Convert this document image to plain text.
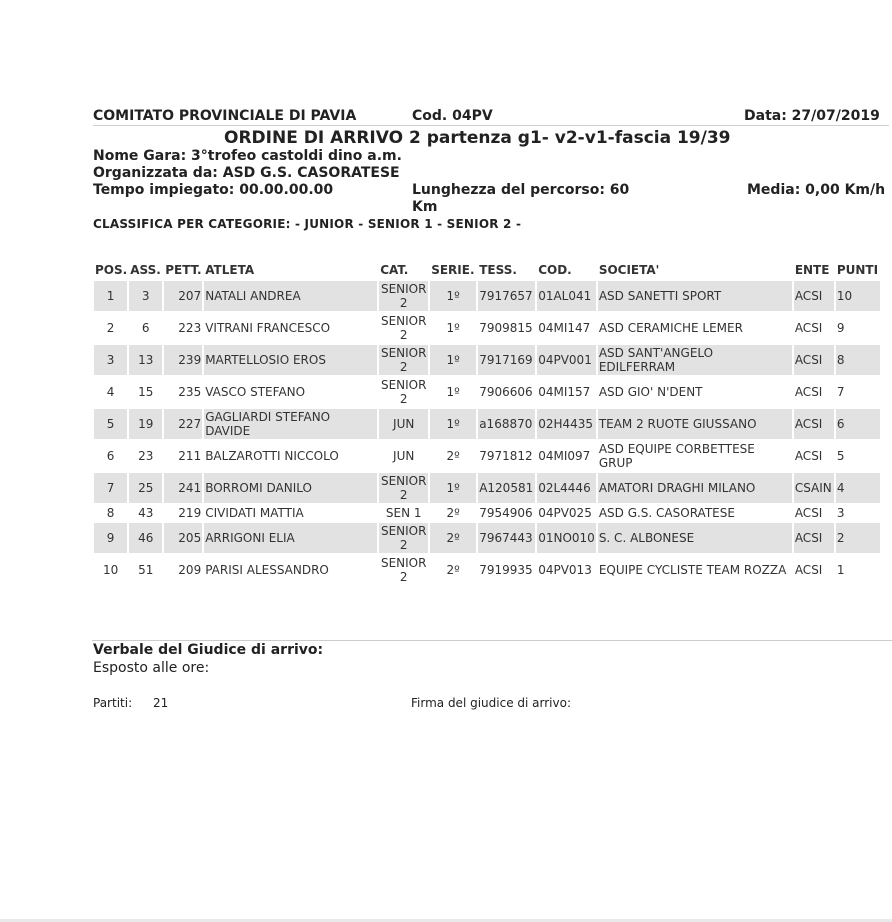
COMITATO PROVINCIALE DI PAVIA	Cod. 04PV	Data: 27/07/2019
ORDINE DI ARRIVO 2 partenza g1- v2-v1-fascia 19/39
Nome Gara: 3°trofeo castoldi dino a.m.
Organizzata da: ASD G.S. CASORATESE
Tempo impiegato: 00.00.00.00	Lunghezza del percorso: 60
Km
Media: 0,00 Km/h
CLASSIFICA PER CATEGORIE: - JUNIOR - SENIOR 1 - SENIOR 2 -
POS.	ASS.	PETT.	ATLETA	CAT.	SERIE.	TESS.	COD.	SOCIETA'	ENTE	PUNTI
1	3	207	NATALI ANDREA	SENIOR 2	1º	7917657	01AL041	ASD SANETTI SPORT	ACSI	10
2	6	223	VITRANI FRANCESCO	SENIOR 2	1º	7909815	04MI147	ASD CERAMICHE LEMER	ACSI	9
3	13	239	MARTELLOSIO EROS	SENIOR 2	1º	7917169	04PV001	ASD SANT'ANGELO EDILFERRAM	ACSI	8
4	15	235	VASCO STEFANO	SENIOR 2	1º	7906606	04MI157	ASD GIO' N'DENT	ACSI	7
5	19	227	GAGLIARDI STEFANO DAVIDE	JUN	1º	a168870	02H4435	TEAM 2 RUOTE GIUSSANO	ACSI	6
6	23	211	BALZAROTTI NICCOLO	JUN	2º	7971812	04MI097	ASD EQUIPE CORBETTESE GRUP	ACSI	5
7	25	241	BORROMI DANILO	SENIOR 2	1º	A120581	02L4446	AMATORI DRAGHI MILANO	CSAIN	4
8	43	219	CIVIDATI MATTIA	SEN 1	2º	7954906	04PV025	ASD G.S. CASORATESE	ACSI	3
9	46	205	ARRIGONI ELIA	SENIOR 2	2º	7967443	01NO010	S. C. ALBONESE	ACSI	2
10	51	209	PARISI ALESSANDRO	SENIOR 2	2º	7919935	04PV013	EQUIPE CYCLISTE TEAM ROZZA	ACSI	1
Verbale del Giudice di arrivo:
Esposto alle ore:
Partiti: 21	Firma del giudice di arrivo:
